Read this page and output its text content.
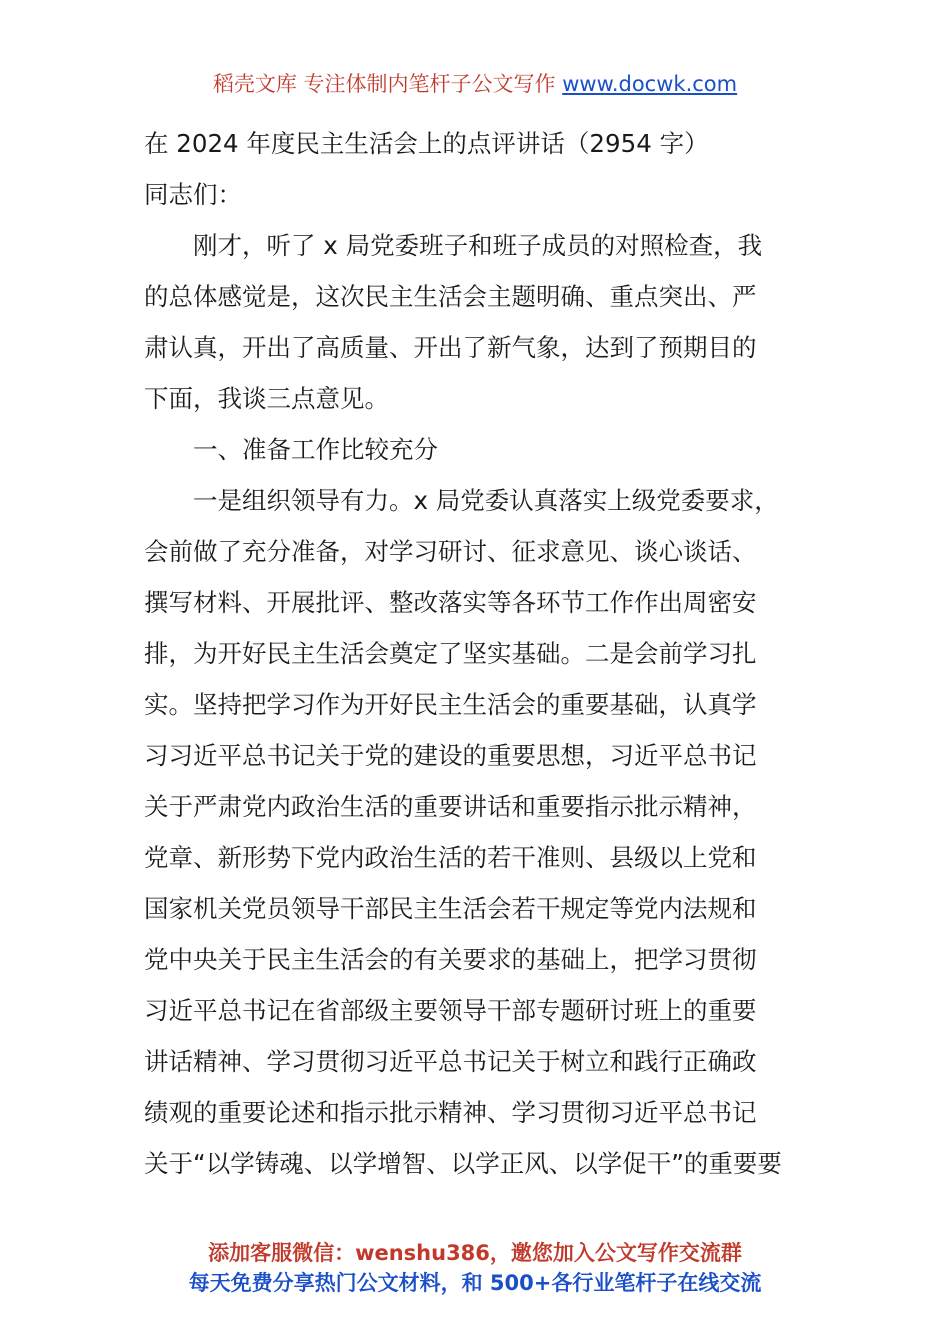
稻壳文库 专注体制内笔杆子公文写作 www.docwk.com
在 2024 年度民主生活会上的点评讲话（2954 字）
同志们：
　　刚才，听了 x 局党委班子和班子成员的对照检查，我
的总体感觉是，这次民主生活会主题明确、重点突出、严
肃认真，开出了高质量、开出了新气象，达到了预期目的
下面，我谈三点意见。
　　一、准备工作比较充分
　　一是组织领导有力。x 局党委认真落实上级党委要求，
会前做了充分准备，对学习研讨、征求意见、谈心谈话、
撰写材料、开展批评、整改落实等各环节工作作出周密安
排，为开好民主生活会奠定了坚实基础。二是会前学习扎
实。坚持把学习作为开好民主生活会的重要基础，认真学
习习近平总书记关于党的建设的重要思想，习近平总书记
关于严肃党内政治生活的重要讲话和重要指示批示精神，
党章、新形势下党内政治生活的若干准则、县级以上党和
国家机关党员领导干部民主生活会若干规定等党内法规和
党中央关于民主生活会的有关要求的基础上，把学习贯彻
习近平总书记在省部级主要领导干部专题研讨班上的重要
讲话精神、学习贯彻习近平总书记关于树立和践行正确政
绩观的重要论述和指示批示精神、学习贯彻习近平总书记
关于“以学铸魂、以学增智、以学正风、以学促干”的重要要
添加客服微信：wenshu386，邀您加入公文写作交流群
每天免费分享热门公文材料，和 500+各行业笔杆子在线交流
